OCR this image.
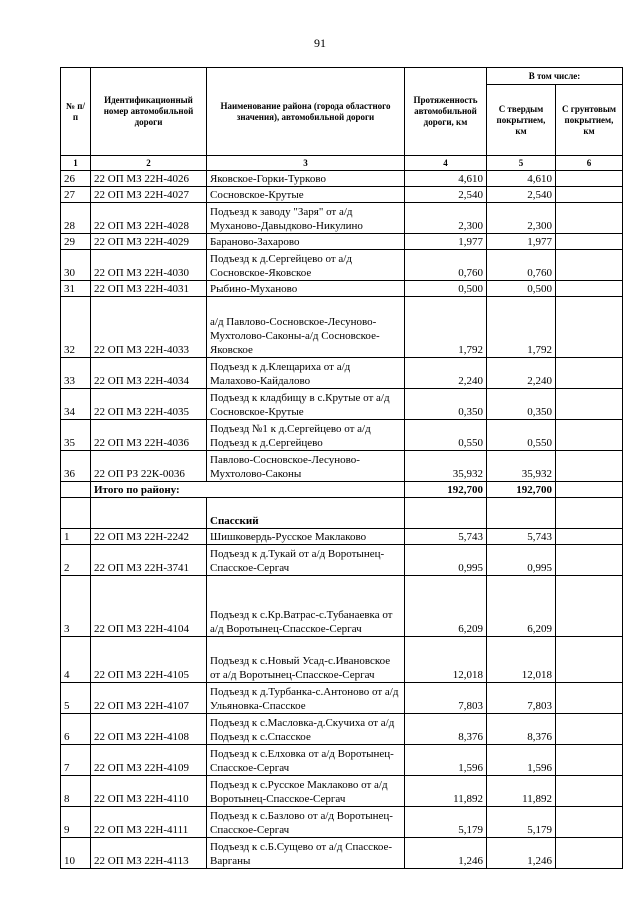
91
№ п/п	Идентификационный номер автомобильной дороги	Наименование района (города областного значения), автомобильной дороги	Протяженность автомобильной дороги, км	В том числе:	
				С твердым покрытием, км	С грунтовым покрытием, км
1	2	3	4	5	6
26	22 ОП МЗ 22Н-4026	Яковское-Горки-Турково	4,610	4,610	
27	22 ОП МЗ 22Н-4027	Сосновское-Крутые	2,540	2,540	
28	22 ОП МЗ 22Н-4028	Подъезд к заводу "Заря" от а/д Муханово-Давыдково-Никулино	2,300	2,300	
29	22 ОП МЗ 22Н-4029	Бараново-Захарово	1,977	1,977	
30	22 ОП МЗ 22Н-4030	Подъезд к д.Сергейцево от а/д Сосновское-Яковское	0,760	0,760	
31	22 ОП МЗ 22Н-4031	Рыбино-Муханово	0,500	0,500	
32	22 ОП МЗ 22Н-4033	а/д Павлово-Сосновское-Лесуново-Мухтолово-Саконы-а/д Сосновское-Яковское	1,792	1,792	
33	22 ОП МЗ 22Н-4034	Подъезд к д.Клещариха от а/д Малахово-Кайдалово	2,240	2,240	
34	22 ОП МЗ 22Н-4035	Подъезд к кладбищу в с.Крутые от а/д Сосновское-Крутые	0,350	0,350	
35	22 ОП МЗ 22Н-4036	Подъезд №1 к д.Сергейцево от а/д Подъезд к д.Сергейцево	0,550	0,550	
36	22 ОП РЗ 22К-0036	Павлово-Сосновское-Лесуново-Мухтолово-Саконы	35,932	35,932	
	Итого по району:		192,700	192,700	
		Спасский			
1	22 ОП МЗ 22Н-2242	Шишковердь-Русское Маклаково	5,743	5,743	
2	22 ОП МЗ 22Н-3741	Подъезд к д.Тукай от а/д Воротынец-Спасское-Сергач	0,995	0,995	
3	22 ОП МЗ 22Н-4104	Подъезд к с.Кр.Ватрас-с.Тубанаевка от а/д Воротынец-Спасское-Сергач	6,209	6,209	
4	22 ОП МЗ 22Н-4105	Подъезд к с.Новый Усад-с.Ивановское от а/д Воротынец-Спасское-Сергач	12,018	12,018	
5	22 ОП МЗ 22Н-4107	Подъезд к д.Турбанка-с.Антоново от а/д Ульяновка-Спасское	7,803	7,803	
6	22 ОП МЗ 22Н-4108	Подъезд к с.Масловка-д.Скучиха от а/д Подъезд к с.Спасское	8,376	8,376	
7	22 ОП МЗ 22Н-4109	Подъезд к с.Елховка от а/д Воротынец-Спасское-Сергач	1,596	1,596	
8	22 ОП МЗ 22Н-4110	Подъезд к с.Русское Маклаково от а/д Воротынец-Спасское-Сергач	11,892	11,892	
9	22 ОП МЗ 22Н-4111	Подъезд к с.Базлово от а/д Воротынец-Спасское-Сергач	5,179	5,179	
10	22 ОП МЗ 22Н-4113	Подъезд к с.Б.Сущево от а/д Спасское-Варганы	1,246	1,246	
